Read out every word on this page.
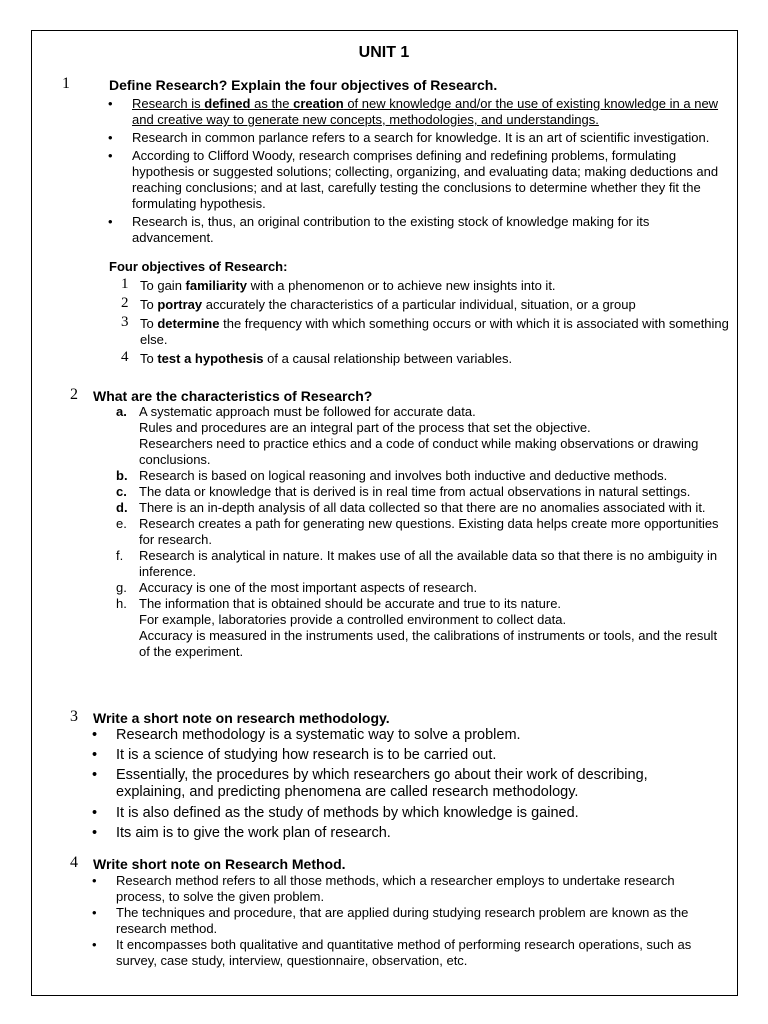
UNIT 1
1	Define Research? Explain the four objectives of Research.
• Research is defined as the creation of new knowledge and/or the use of existing knowledge in a new and creative way to generate new concepts, methodologies, and understandings.
• Research in common parlance refers to a search for knowledge. It is an art of scientific investigation.
• According to Clifford Woody, research comprises defining and redefining problems, formulating hypothesis or suggested solutions; collecting, organizing, and evaluating data; making deductions and reaching conclusions; and at last, carefully testing the conclusions to determine whether they fit the formulating hypothesis.
• Research is, thus, an original contribution to the existing stock of knowledge making for its advancement.
Four objectives of Research:
1 To gain familiarity with a phenomenon or to achieve new insights into it.
2 To portray accurately the characteristics of a particular individual, situation, or a group
3 To determine the frequency with which something occurs or with which it is associated with something else.
4 To test a hypothesis of a causal relationship between variables.
2 What are the characteristics of Research?
a. A systematic approach must be followed for accurate data.
Rules and procedures are an integral part of the process that set the objective.
Researchers need to practice ethics and a code of conduct while making observations or drawing conclusions.
b. Research is based on logical reasoning and involves both inductive and deductive methods.
c. The data or knowledge that is derived is in real time from actual observations in natural settings.
d. There is an in-depth analysis of all data collected so that there are no anomalies associated with it.
e. Research creates a path for generating new questions. Existing data helps create more opportunities for research.
f. Research is analytical in nature. It makes use of all the available data so that there is no ambiguity in inference.
g. Accuracy is one of the most important aspects of research.
h. The information that is obtained should be accurate and true to its nature.
For example, laboratories provide a controlled environment to collect data.
Accuracy is measured in the instruments used, the calibrations of instruments or tools, and the result of the experiment.
3 Write a short note on research methodology.
• Research methodology is a systematic way to solve a problem.
• It is a science of studying how research is to be carried out.
• Essentially, the procedures by which researchers go about their work of describing, explaining, and predicting phenomena are called research methodology.
• It is also defined as the study of methods by which knowledge is gained.
• Its aim is to give the work plan of research.
4 Write short note on Research Method.
• Research method refers to all those methods, which a researcher employs to undertake research process, to solve the given problem.
• The techniques and procedure, that are applied during studying research problem are known as the research method.
• It encompasses both qualitative and quantitative method of performing research operations, such as survey, case study, interview, questionnaire, observation, etc.
